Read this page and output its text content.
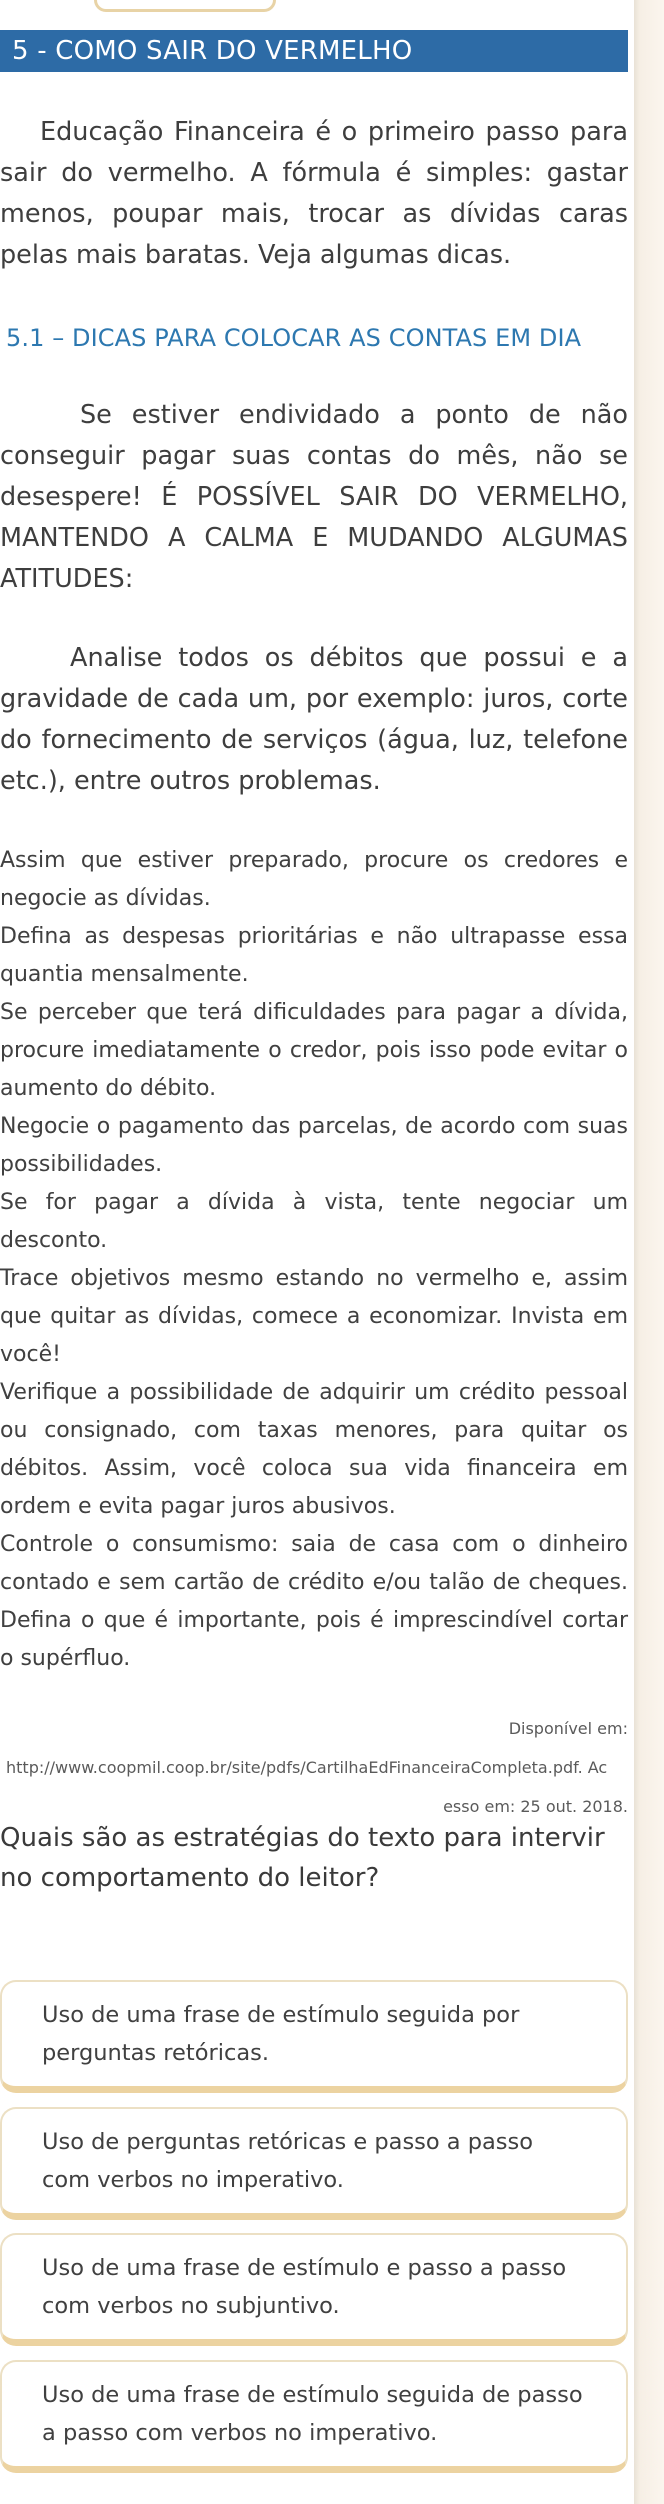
5 - COMO SAIR DO VERMELHO

Educação Financeira é o primeiro passo para sair do vermelho. A fórmula é simples: gastar menos, poupar mais, trocar as dívidas caras pelas mais baratas. Veja algumas dicas.

5.1 – DICAS PARA COLOCAR AS CONTAS EM DIA

Se estiver endividado a ponto de não conseguir pagar suas contas do mês, não se desespere! É POSSÍVEL SAIR DO VERMELHO, MANTENDO A CALMA E MUDANDO ALGUMAS ATITUDES:

Analise todos os débitos que possui e a gravidade de cada um, por exemplo: juros, corte do fornecimento de serviços (água, luz, telefone etc.), entre outros problemas.

Assim que estiver preparado, procure os credores e negocie as dívidas.

Defina as despesas prioritárias e não ultrapasse essa quantia mensalmente.

Se perceber que terá dificuldades para pagar a dívida, procure imediatamente o credor, pois isso pode evitar o aumento do débito.

Negocie o pagamento das parcelas, de acordo com suas possibilidades.

Se for pagar a dívida à vista, tente negociar um desconto.

Trace objetivos mesmo estando no vermelho e, assim que quitar as dívidas, comece a economizar. Invista em você!

Verifique a possibilidade de adquirir um crédito pessoal ou consignado, com taxas menores, para quitar os débitos. Assim, você coloca sua vida financeira em ordem e evita pagar juros abusivos.

Controle o consumismo: saia de casa com o dinheiro contado e sem cartão de crédito e/ou talão de cheques. Defina o que é importante, pois é imprescindível cortar o supérfluo.

Disponível em:
http://www.coopmil.coop.br/site/pdfs/CartilhaEdFinanceiraCompleta.pdf. Ac
esso em: 25 out. 2018.
Quais são as estratégias do texto para intervir no comportamento do leitor?
Uso de uma frase de estímulo seguida por perguntas retóricas.
Uso de perguntas retóricas e passo a passo com verbos no imperativo.
Uso de uma frase de estímulo e passo a passo com verbos no subjuntivo.
Uso de uma frase de estímulo seguida de passo a passo com verbos no imperativo.
